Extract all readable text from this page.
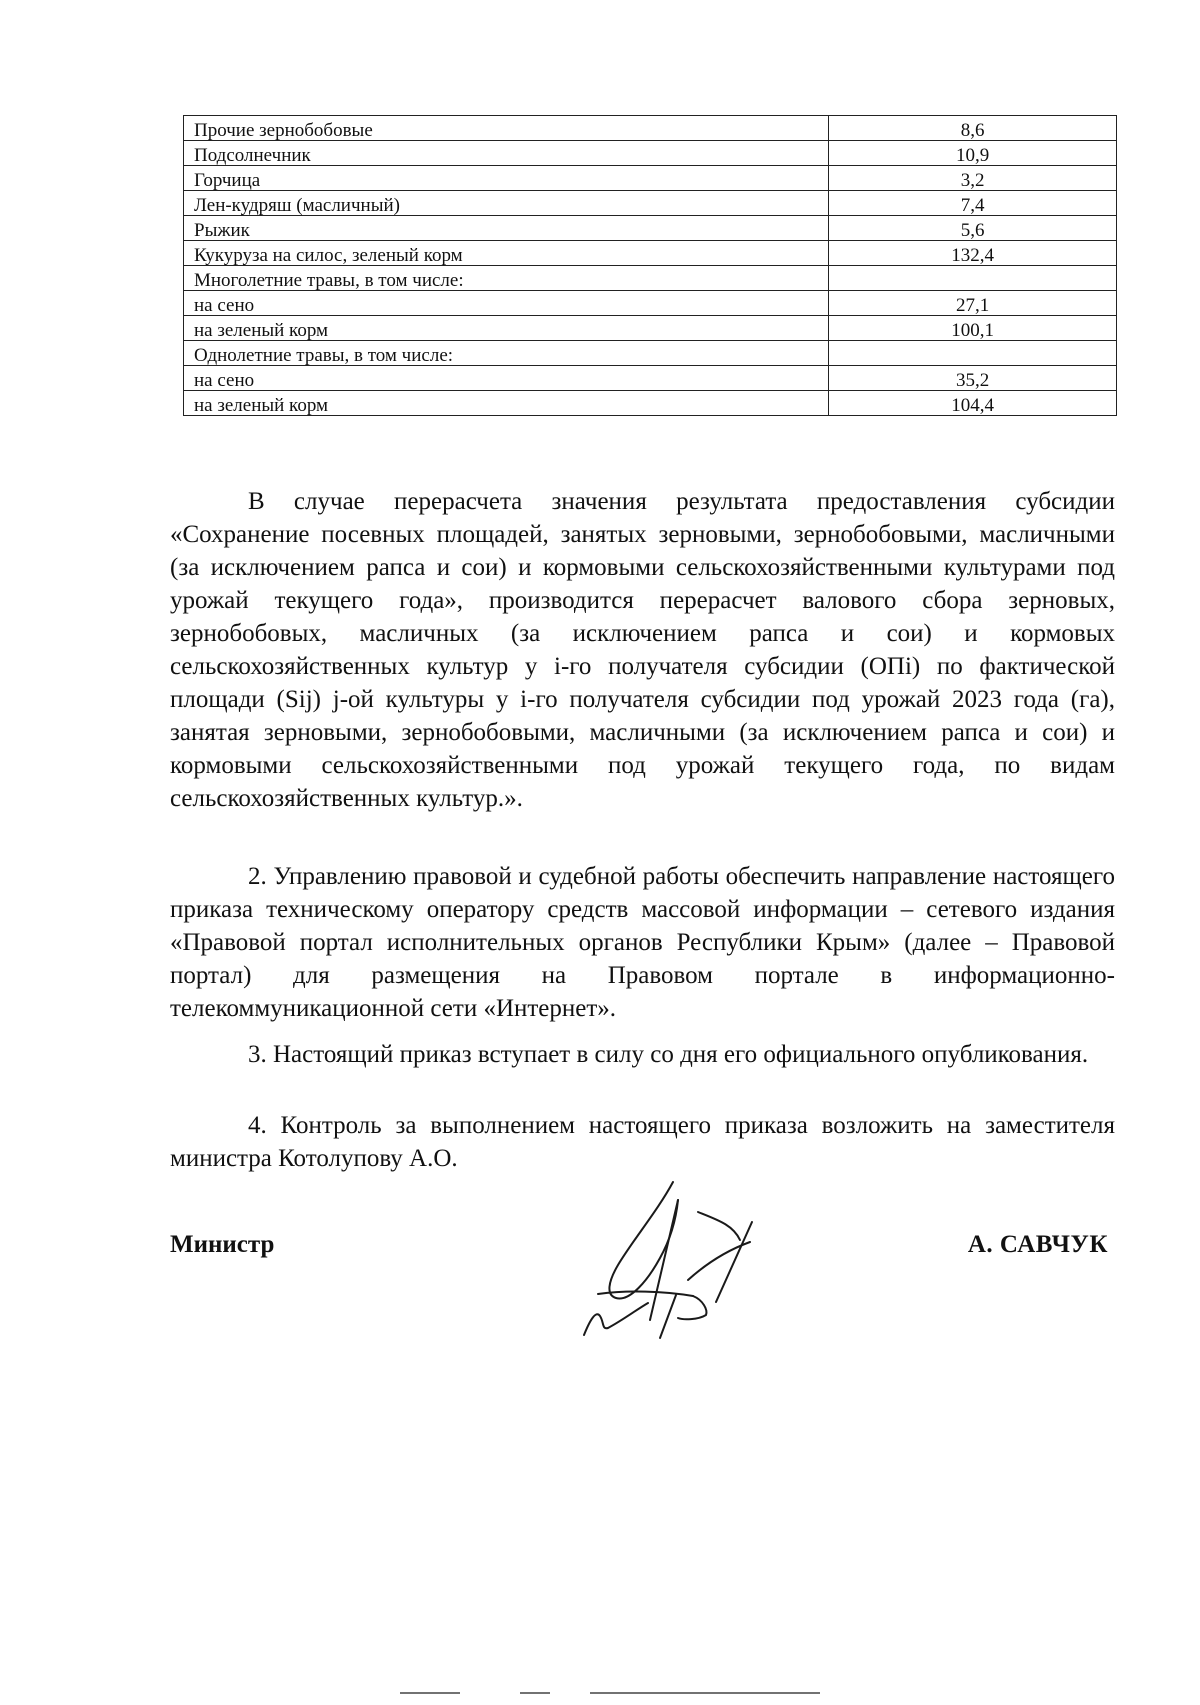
Прочие зернобобовые	8,6
Подсолнечник	10,9
Горчица	3,2
Лен-кудряш (масличный)	7,4
Рыжик	5,6
Кукуруза на силос, зеленый корм	132,4
Многолетние травы, в том числе:	
на сено	27,1
на зеленый корм	100,1
Однолетние травы, в том числе:	
на сено	35,2
на зеленый корм	104,4

В случае перерасчета значения результата предоставления субсидии «Сохранение посевных площадей, занятых зерновыми, зернобобовыми, масличными (за исключением рапса и сои) и кормовыми сельскохозяйственными культурами под урожай текущего года», производится перерасчет валового сбора зерновых, зернобобовых, масличных (за исключением рапса и сои) и кормовых сельскохозяйственных культур у i-го получателя субсидии (ОПi) по фактической площади (Sij) j-ой культуры у i-го получателя субсидии под урожай 2023 года (га), занятая зерновыми, зернобобовыми, масличными (за исключением рапса и сои) и кормовыми сельскохозяйственными под урожай текущего года, по видам сельскохозяйственных культур.».

2. Управлению правовой и судебной работы обеспечить направление настоящего приказа техническому оператору средств массовой информации – сетевого издания «Правовой портал исполнительных органов Республики Крым» (далее – Правовой портал) для размещения на Правовом портале в информационно-телекоммуникационной сети «Интернет».

3. Настоящий приказ вступает в силу со дня его официального опубликования.

4. Контроль за выполнением настоящего приказа возложить на заместителя министра Котолупову А.О.

Министр	А. САВЧУК
